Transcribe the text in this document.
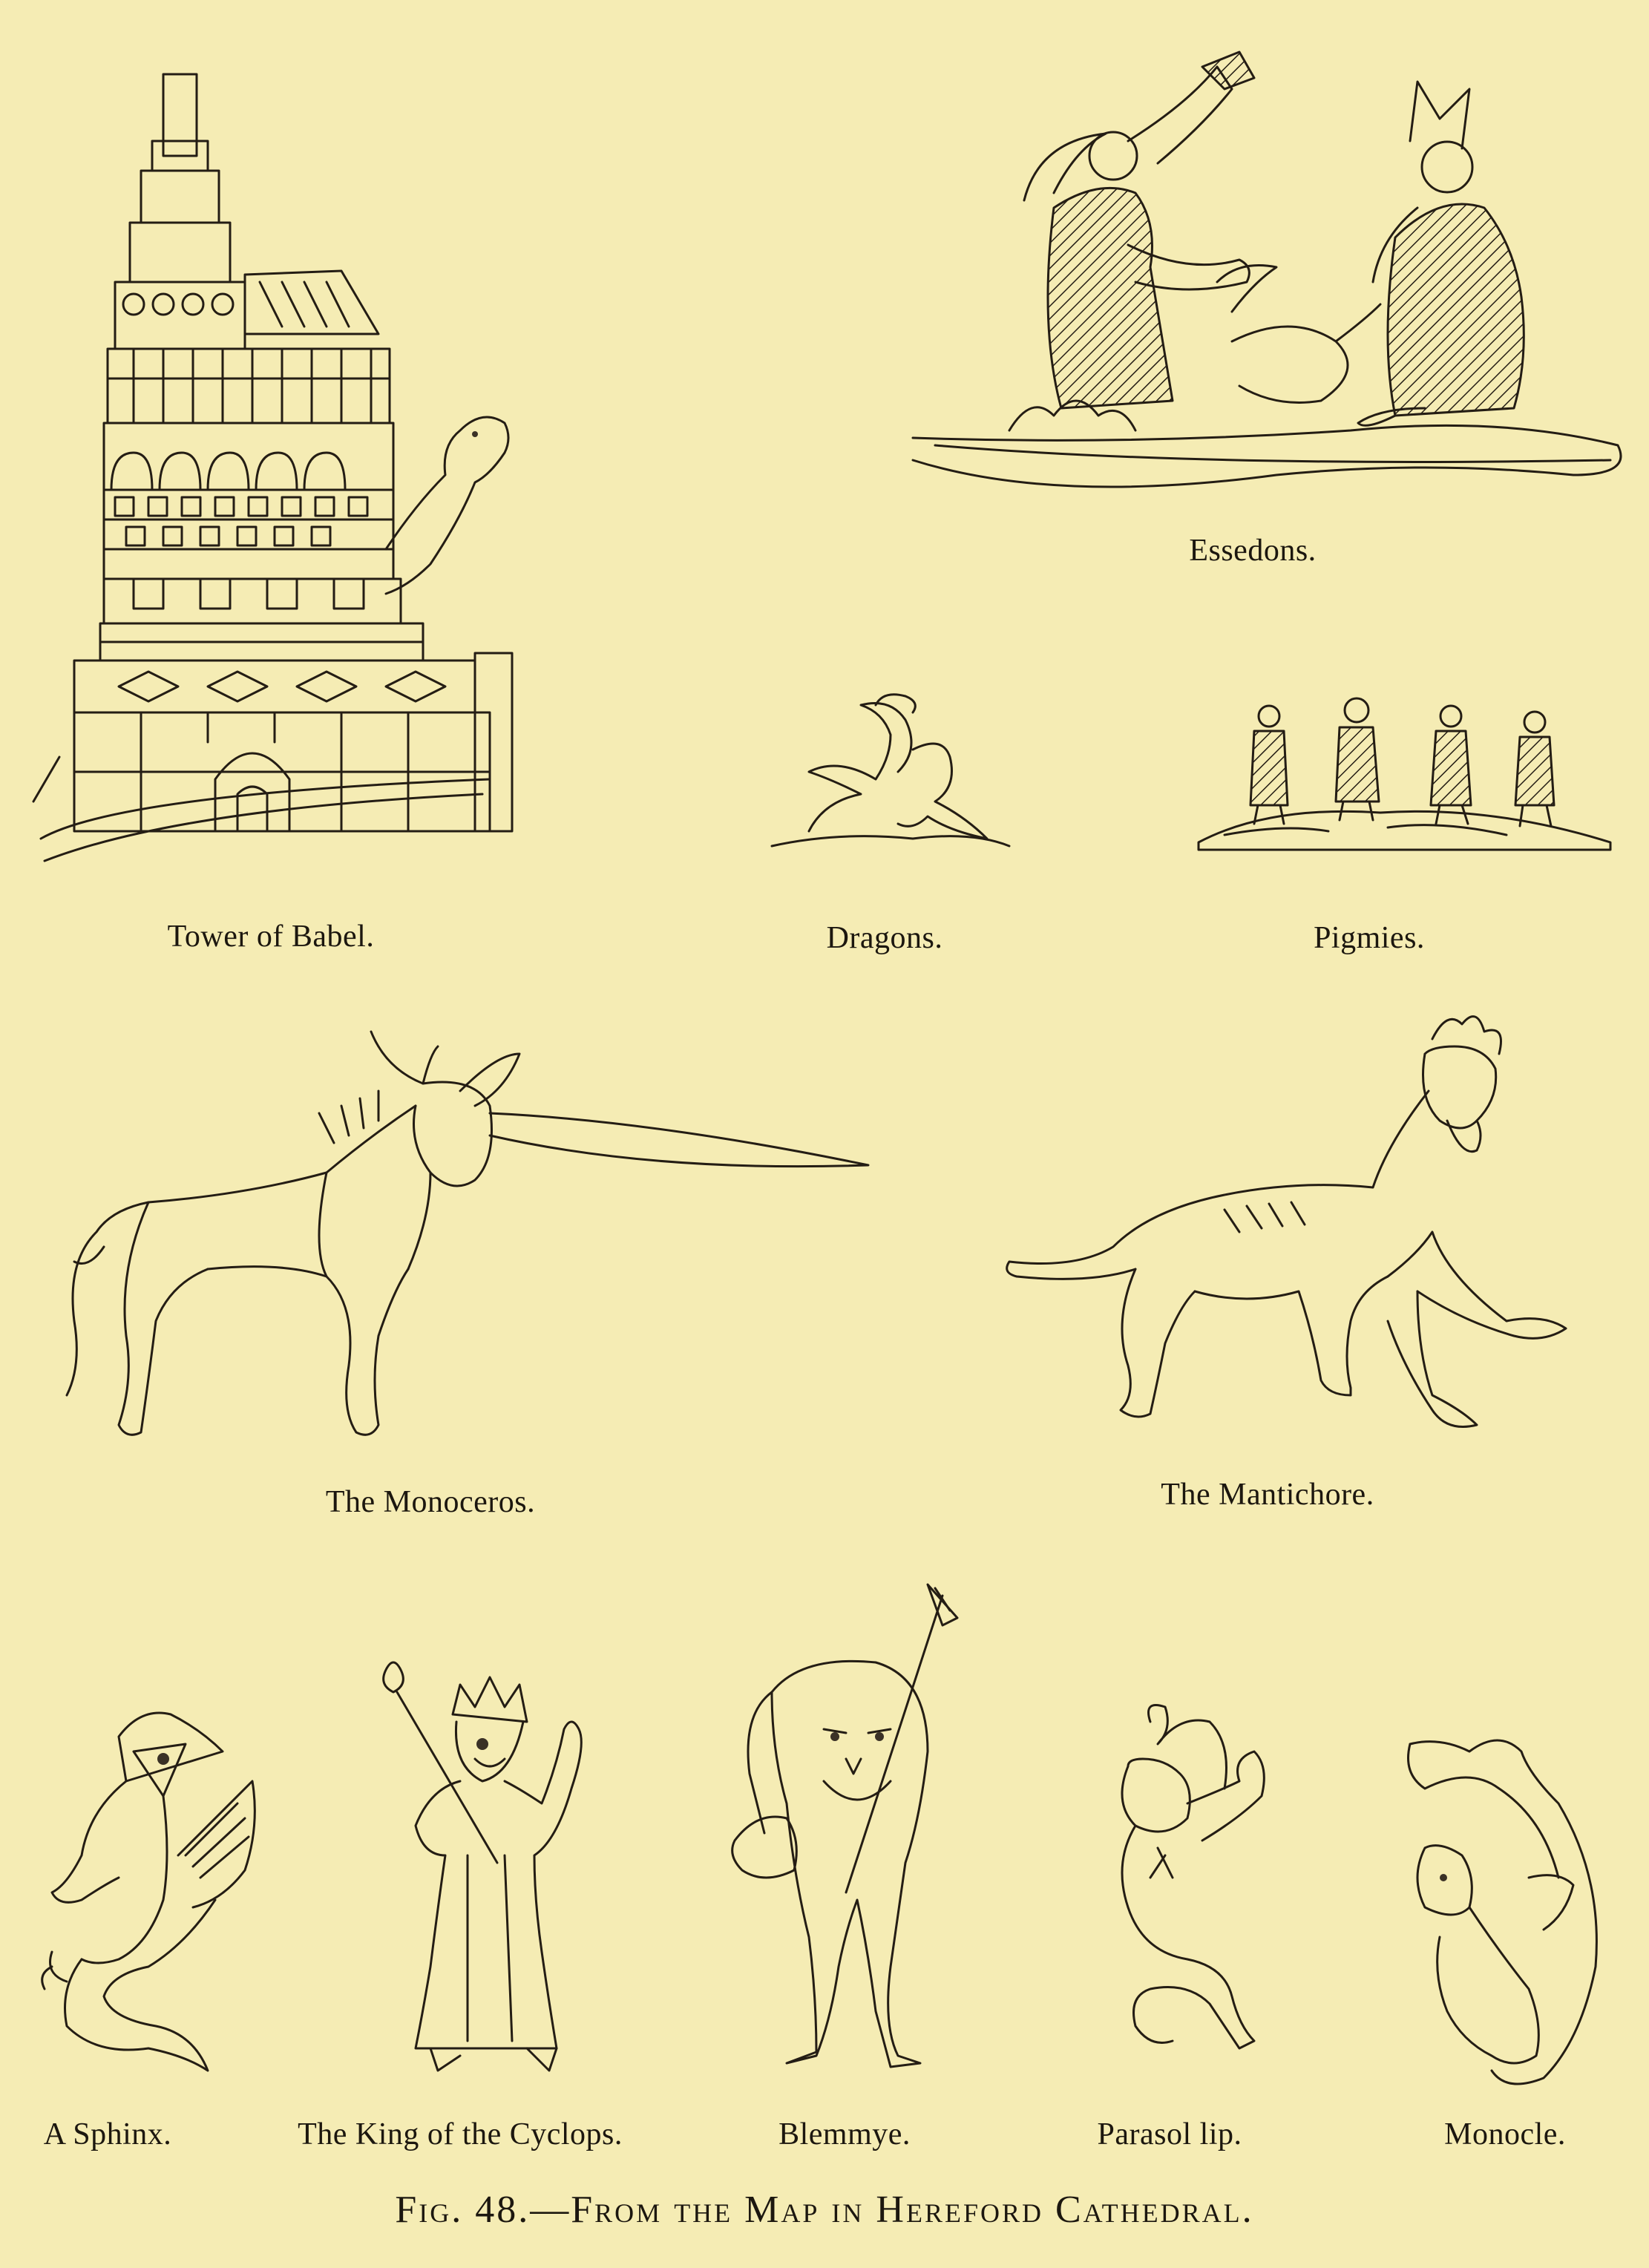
Tower of Babel.

Essedons.

Dragons.	Pigmies.

The Monoceros.	The Mantichore.

A Sphinx.	The King of the Cyclops.	Blemmye.	Parasol lip.	Monocle.

Fig. 48.—From the Map in Hereford Cathedral.
